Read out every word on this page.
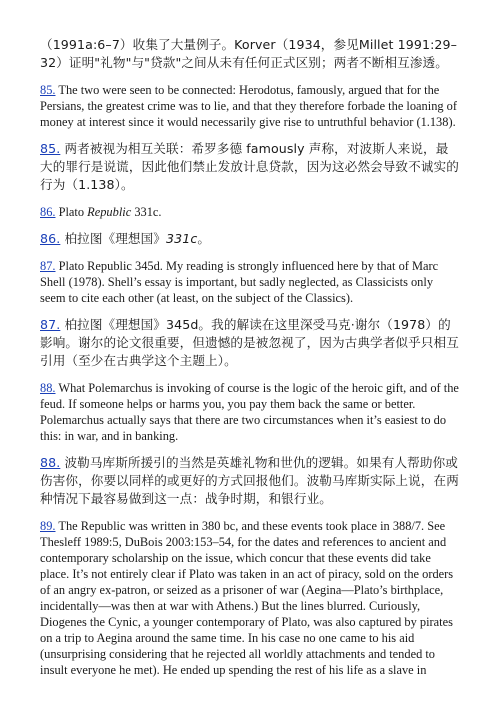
（1991a:6–7）收集了大量例子。Korver（1934，参见Millet 1991:29–32）证明"礼物"与"贷款"之间从未有任何正式区别；两者不断相互渗透。

85. The two were seen to be connected: Herodotus, famously, argued that for the Persians, the greatest crime was to lie, and that they therefore forbade the loaning of money at interest since it would necessarily give rise to untruthful behavior (1.138).

85. 两者被视为相互关联：希罗多德 famously 声称，对波斯人来说，最大的罪行是说谎，因此他们禁止发放计息贷款，因为这必然会导致不诚实的行为（1.138）。

86. Plato Republic 331c.

86. 柏拉图《理想国》331c。

87. Plato Republic 345d. My reading is strongly influenced here by that of Marc Shell (1978). Shell’s essay is important, but sadly neglected, as Classicists only seem to cite each other (at least, on the subject of the Classics).

87. 柏拉图《理想国》345d。我的解读在这里深受马克·谢尔（1978）的影响。谢尔的论文很重要，但遗憾的是被忽视了，因为古典学者似乎只相互引用（至少在古典学这个主题上）。

88. What Polemarchus is invoking of course is the logic of the heroic gift, and of the feud. If someone helps or harms you, you pay them back the same or better. Polemarchus actually says that there are two circumstances when it’s easiest to do this: in war, and in banking.

88. 波勒马库斯所援引的当然是英雄礼物和世仇的逻辑。如果有人帮助你或伤害你，你要以同样的或更好的方式回报他们。波勒马库斯实际上说，在两种情况下最容易做到这一点：战争时期，和银行业。

89. The Republic was written in 380 bc, and these events took place in 388/7. See Thesleff 1989:5, DuBois 2003:153–54, for the dates and references to ancient and contemporary scholarship on the issue, which concur that these events did take place. It’s not entirely clear if Plato was taken in an act of piracy, sold on the orders of an angry ex-patron, or seized as a prisoner of war (Aegina—Plato’s birthplace, incidentally—was then at war with Athens.) But the lines blurred. Curiously, Diogenes the Cynic, a younger contemporary of Plato, was also captured by pirates on a trip to Aegina around the same time. In his case no one came to his aid (unsurprising considering that he rejected all worldly attachments and tended to insult everyone he met). He ended up spending the rest of his life as a slave in
